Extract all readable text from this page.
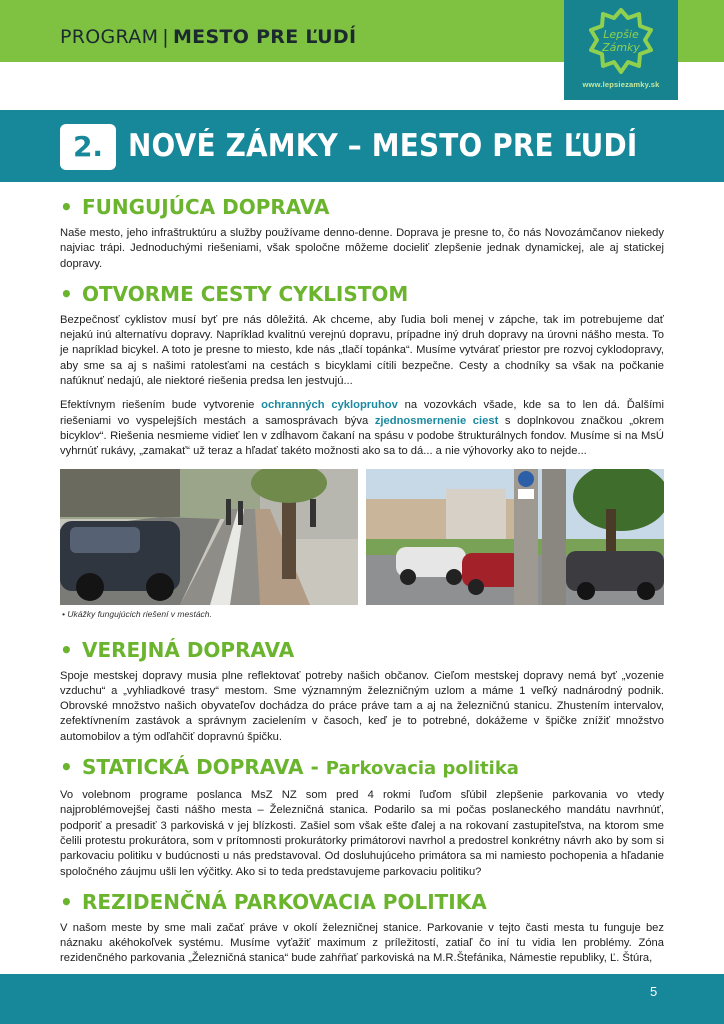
PROGRAM | MESTO PRE ĽUDÍ	Lepšie
Zámky
www.lepsiezamky.sk
2. NOVÉ ZÁMKY – MESTO PRE ĽUDÍ
• FUNGUJÚCA DOPRAVA

Naše mesto, jeho infraštruktúru a služby používame denno-denne. Doprava je presne to, čo nás Novozámčanov niekedy najviac trápi. Jednoduchými riešeniami, však spoločne môžeme docieliť zlepšenie jednak dynamickej, ale aj statickej dopravy.

• OTVORME CESTY CYKLISTOM

Bezpečnosť cyklistov musí byť pre nás dôležitá. Ak chceme, aby ľudia boli menej v zápche, tak im potrebujeme dať nejakú inú alternatívu dopravy. Napríklad kvalitnú verejnú dopravu, prípadne iný druh dopravy na úrovni nášho mesta. To je napríklad bicykel. A toto je presne to miesto, kde nás „tlačí topánka“. Musíme vytvárať priestor pre rozvoj cyklodopravy, aby sme sa aj s našimi ratolesťami na cestách s bicyklami cítili bezpečne. Cesty a chodníky sa však na počkanie nafúknuť nedajú, ale niektoré riešenia predsa len jestvujú...

Efektívnym riešením bude vytvorenie ochranných cyklopruhov na vozovkách všade, kde sa to len dá. Ďalšími riešeniami vo vyspelejších mestách a samosprávach býva zjednosmernenie ciest s doplnkovou značkou „okrem bicyklov“. Riešenia nesmieme vidieť len v zdĺhavom čakaní na spásu v podobe štrukturálnych fondov. Musíme si na MsÚ vyhrnúť rukávy, „zamakať“ už teraz a hľadať takéto možnosti ako sa to dá... a nie výhovorky ako to nejde...

• Ukážky fungujúcich riešení v mestách.
• VEREJNÁ DOPRAVA

Spoje mestskej dopravy musia plne reflektovať potreby našich občanov. Cieľom mestskej dopravy nemá byť „vozenie vzduchu“ a „vyhliadkové trasy“ mestom. Sme významným železničným uzlom a máme 1 veľký nadnárodný podnik. Obrovské množstvo našich obyvateľov dochádza do práce práve tam a aj na železničnú stanicu. Zhustením intervalov, zefektívnením zastávok a správnym zacielením v časoch, keď je to potrebné, dokážeme v špičke znížiť množstvo automobilov a tým odľahčiť dopravnú špičku.

• STATICKÁ DOPRAVA - Parkovacia politika

Vo volebnom programe poslanca MsZ NZ som pred 4 rokmi ľuďom sľúbil zlepšenie parkovania vo vtedy najproblémovejšej časti nášho mesta – Železničná stanica. Podarilo sa mi počas poslaneckého mandátu navrhnúť, podporiť a presadiť 3 parkoviská v jej blízkosti. Zašiel som však ešte ďalej a na rokovaní zastupiteľstva, na ktorom sme čelili protestu prokurátora, som v prítomnosti prokurátorky primátorovi navrhol a predostrel konkrétny návrh ako by som si parkovaciu politiku v budúcnosti u nás predstavoval. Od dosluhujúceho primátora sa mi namiesto pochopenia a hľadanie spoločného záujmu ušli len výčitky. Ako si to teda predstavujeme parkovaciu politiku?

• REZIDENČNÁ PARKOVACIA POLITIKA

V našom meste by sme mali začať práve v okolí železničnej stanice. Parkovanie v tejto časti mesta tu funguje bez náznaku akéhokoľvek systému. Musíme vyťažiť maximum z príležitostí, zatiaľ čo iní tu vidia len problémy. Zóna rezidenčného parkovania „Železničná stanica“ bude zahŕňať parkoviská na M.R.Štefánika, Námestie republiky, Ľ. Štúra,

5
